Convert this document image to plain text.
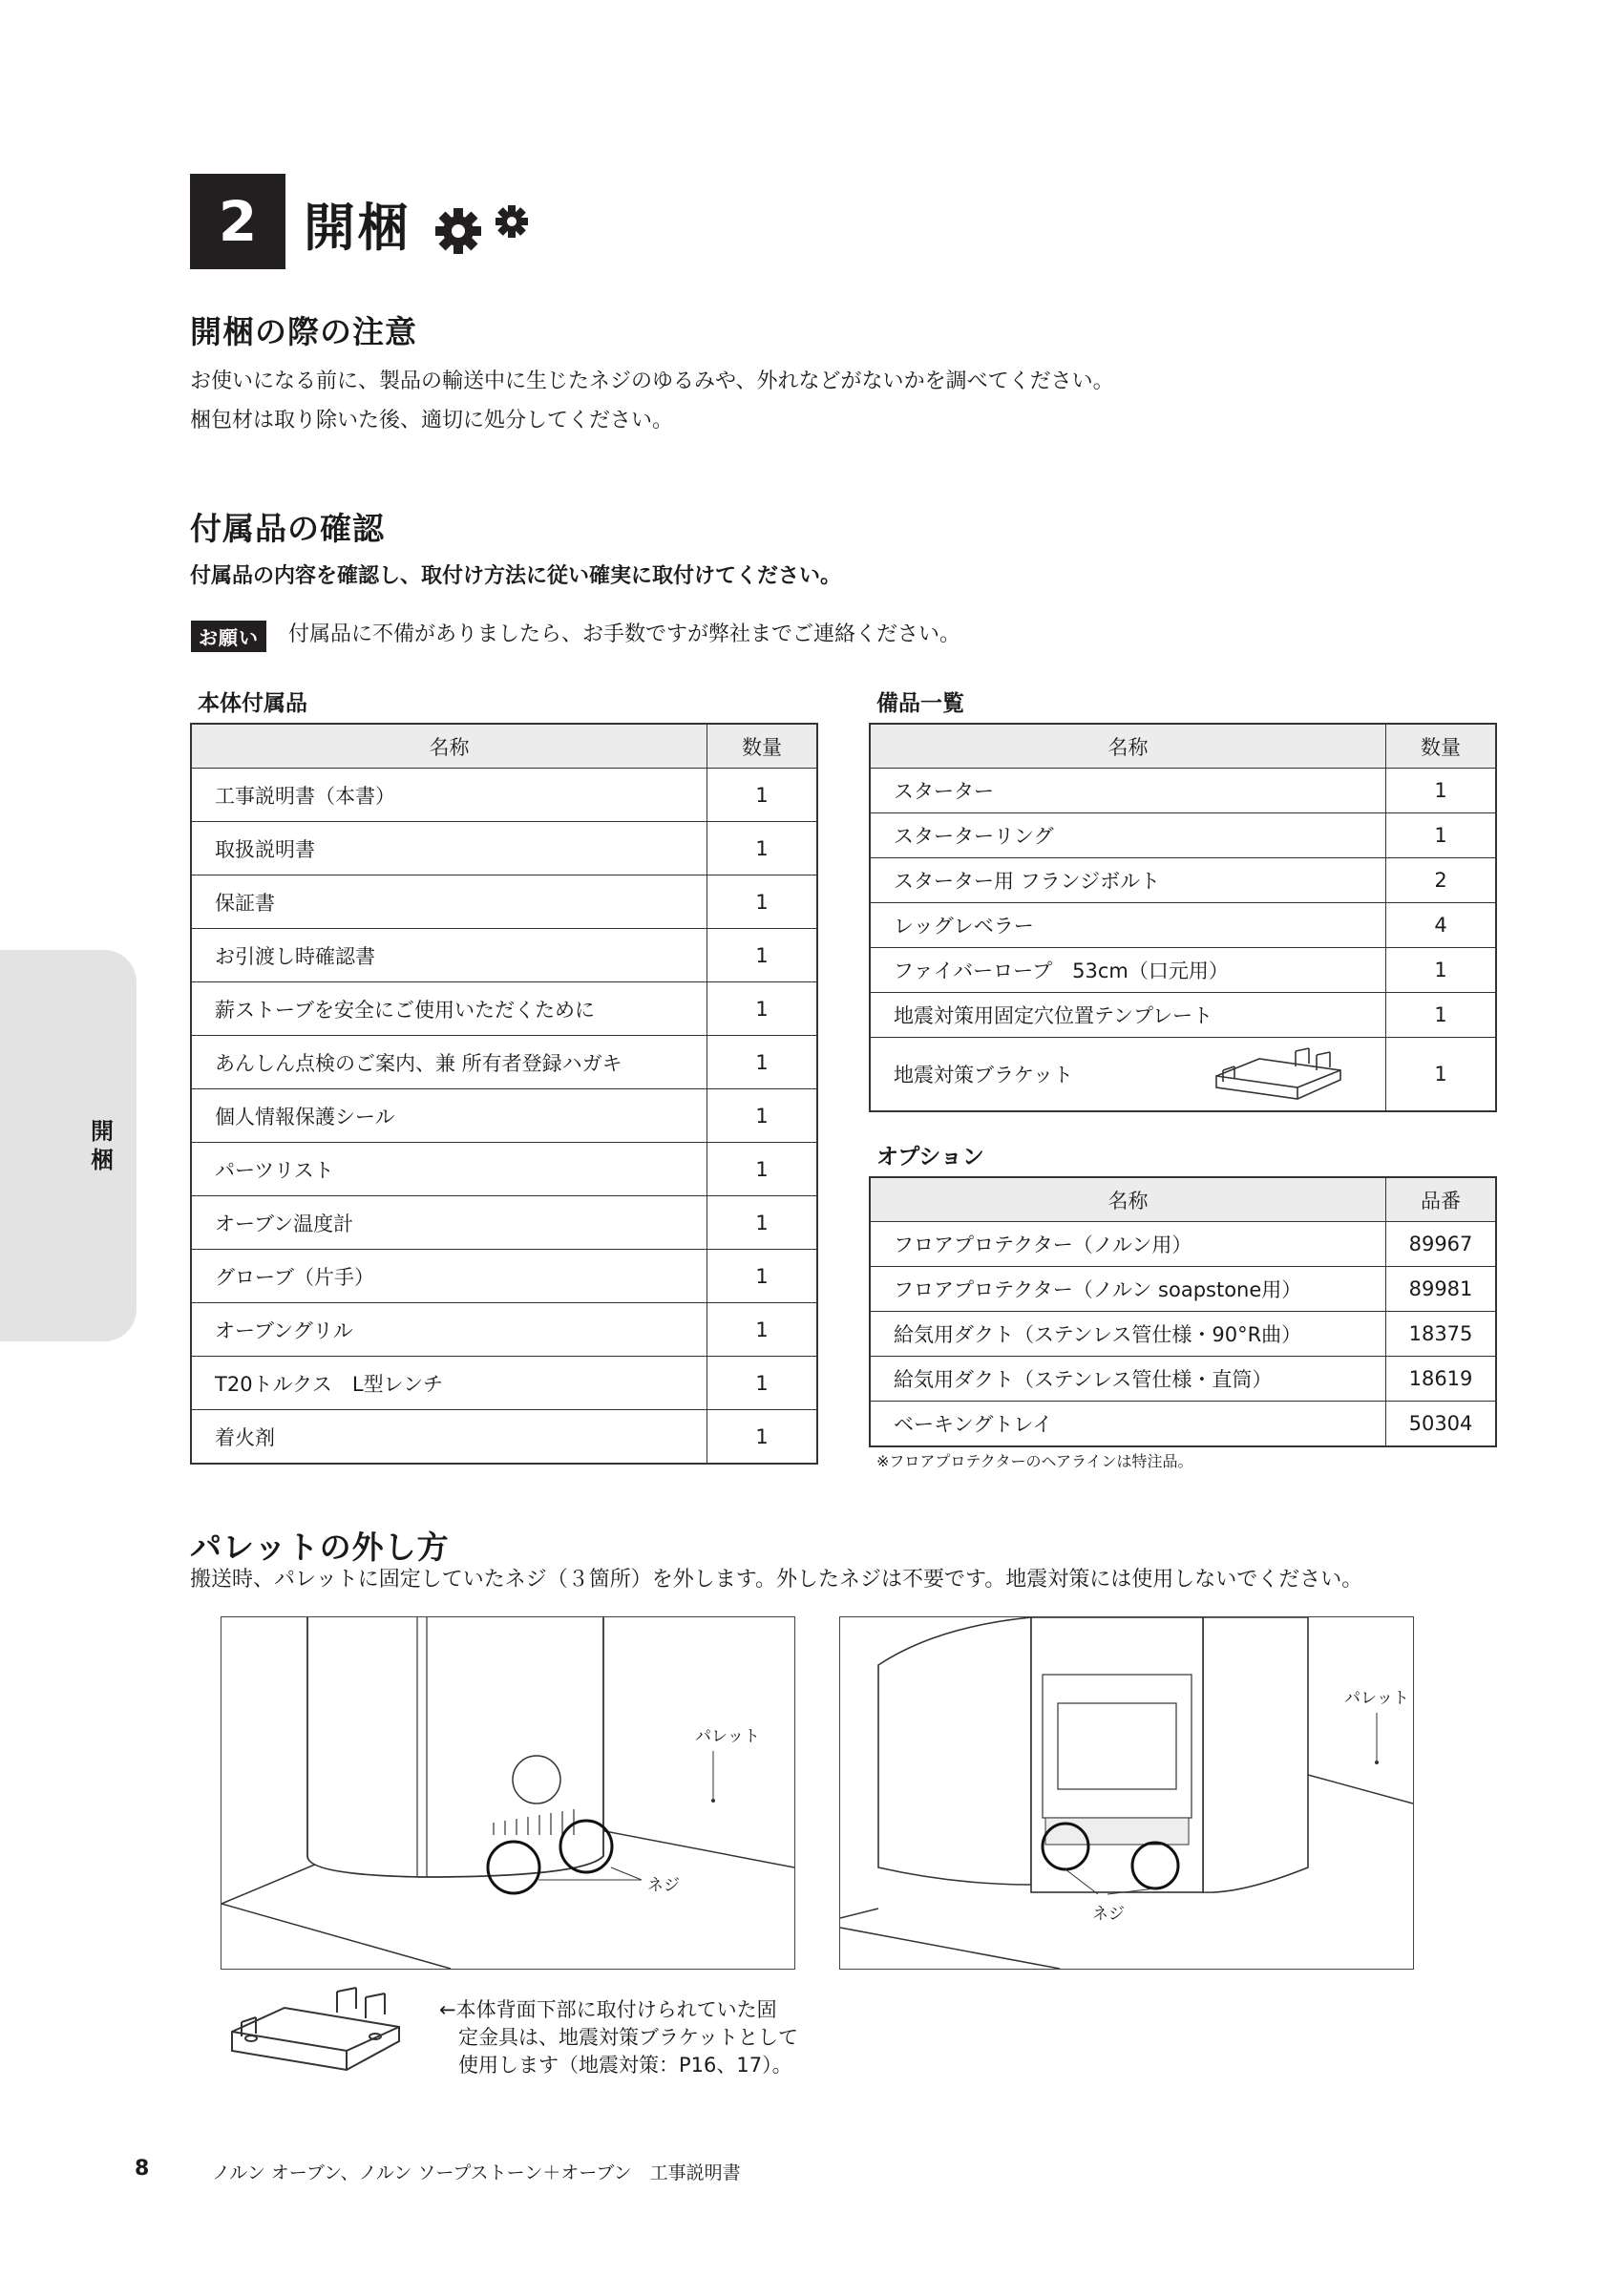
2 開梱
開梱の際の注意

お使いになる前に、製品の輸送中に生じたネジのゆるみや、外れなどがないかを調べてください。

梱包材は取り除いた後、適切に処分してください。

付属品の確認

付属品の内容を確認し、取付け方法に従い確実に取付けてください。

お願い	付属品に不備がありましたら、お手数ですが弊社までご連絡ください。

本体付属品
名称	数量
工事説明書（本書）	1
取扱説明書	1
保証書	1
お引渡し時確認書	1
薪ストーブを安全にご使用いただくために	1
あんしん点検のご案内、兼 所有者登録ハガキ	1
個人情報保護シール	1
パーツリスト	1
オーブン温度計	1
グローブ（片手）	1
オーブングリル	1
T20トルクス　L型レンチ	1
着火剤	1
備品一覧
名称	数量
スターター	1
スターターリング	1
スターター用 フランジボルト	2
レッグレベラー	4
ファイバーロープ　53cm（口元用）	1
地震対策用固定穴位置テンプレート	1
地震対策ブラケット	1
オプション
名称	品番
フロアプロテクター（ノルン用）	89967
フロアプロテクター（ノルン soapstone用）	89981
給気用ダクト（ステンレス管仕様・90°R曲）	18375
給気用ダクト（ステンレス管仕様・直筒）	18619
ベーキングトレイ	50304
※フロアプロテクターのヘアラインは特注品。
開梱
パレットの外し方

搬送時、パレットに固定していたネジ（３箇所）を外します。外したネジは不要です。地震対策には使用しないでください。

パレット
ネジ
パレット
ネジ

←本体背面下部に取付けられていた固

定金具は、地震対策ブラケットとして

使用します（地震対策：P16、17）。

8	ノルン オーブン、ノルン ソープストーン＋オーブン　工事説明書
